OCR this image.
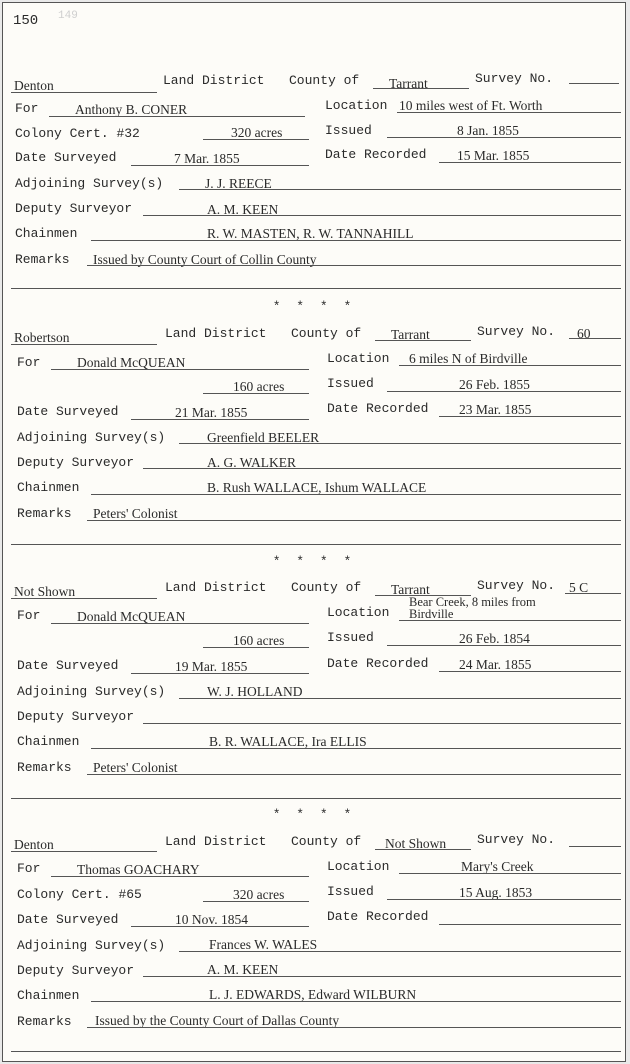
150 149
Denton	Land District County of Tarrant	Survey No.
For	Anthony B. CONER	Location 10 miles west of Ft. Worth
Colony Cert. #32	320 acres	Issued	8 Jan. 1855
Date Surveyed	7 Mar. 1855	Date Recorded 15 Mar. 1855
Adjoining Survey(s)	J. J. REECE
Deputy Surveyor	A. M. KEEN
Chainmen	R. W. MASTEN, R. W. TANNAHILL
Remarks Issued by County Court of Collin County
* * * *
Robertson	Land District County of Tarrant	Survey No. 60
For	Donald McQUEAN	Location 6 miles N of Birdville
160 acres	Issued	26 Feb. 1855
Date Surveyed	21 Mar. 1855	Date Recorded 23 Mar. 1855
Adjoining Survey(s)	Greenfield BEELER
Deputy Surveyor	A. G. WALKER
Chainmen	B. Rush WALLACE, Ishum WALLACE
Remarks Peters' Colonist
* * * *
Not Shown	Land District County of Tarrant	Survey No. 5 C
For	Donald McQUEAN	Location
Bear Creek, 8 miles from
Birdville
160 acres	Issued	26 Feb. 1854
Date Surveyed	19 Mar. 1855	Date Recorded 24 Mar. 1855
Adjoining Survey(s)	W. J. HOLLAND
Deputy Surveyor
Chainmen	B. R. WALLACE, Ira ELLIS
Remarks Peters' Colonist
* * * *
Denton	Land District County of Not Shown Survey No.
For	Thomas GOACHARY	Location	Mary's Creek
Colony Cert. #65	320 acres	Issued	15 Aug. 1853
Date Surveyed	10 Nov. 1854	Date Recorded
Adjoining Survey(s)	Frances W. WALES
Deputy Surveyor	A. M. KEEN
Chainmen	L. J. EDWARDS, Edward WILBURN
Remarks Issued by the County Court of Dallas County
